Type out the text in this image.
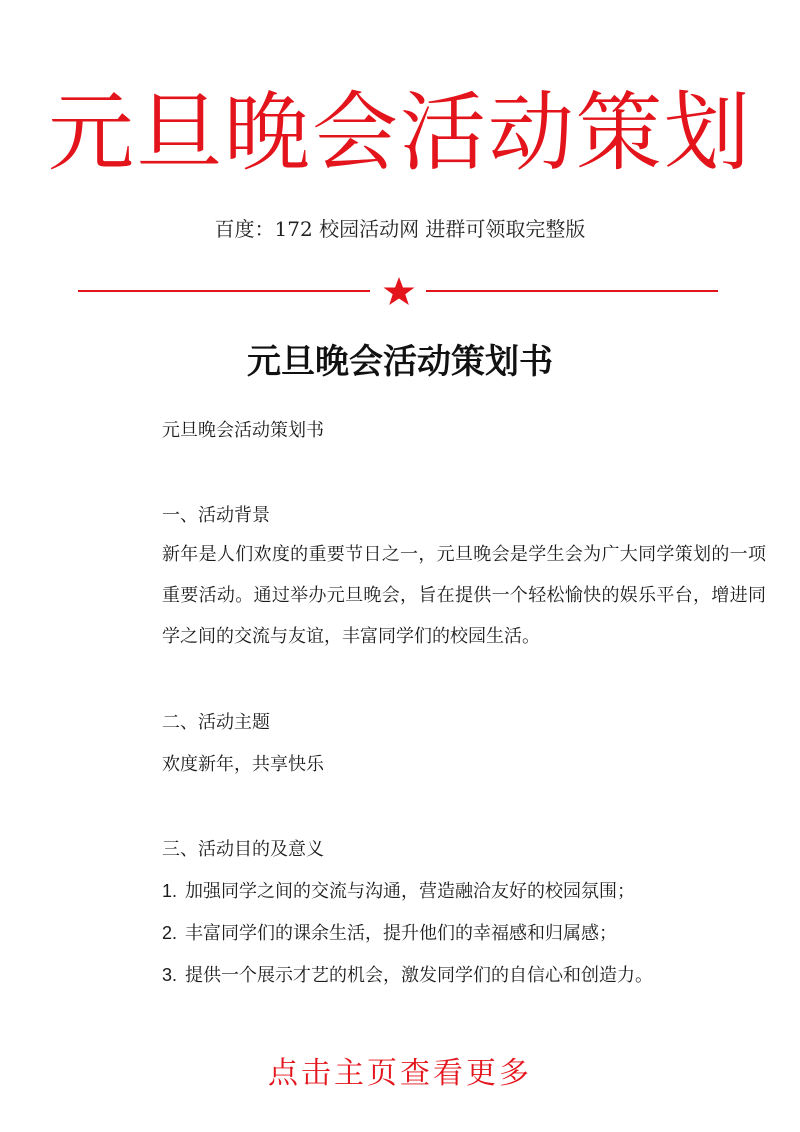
元旦晚会活动策划
百度：172 校园活动网 进群可领取完整版
元旦晚会活动策划书
元旦晚会活动策划书
一、活动背景
新年是人们欢度的重要节日之一，元旦晚会是学生会为广大同学策划的一项重要活动。通过举办元旦晚会，旨在提供一个轻松愉快的娱乐平台，增进同学之间的交流与友谊，丰富同学们的校园生活。
二、活动主题
欢度新年，共享快乐
三、活动目的及意义
1. 加强同学之间的交流与沟通，营造融洽友好的校园氛围；
2. 丰富同学们的课余生活，提升他们的幸福感和归属感；
3. 提供一个展示才艺的机会，激发同学们的自信心和创造力。
点击主页查看更多
